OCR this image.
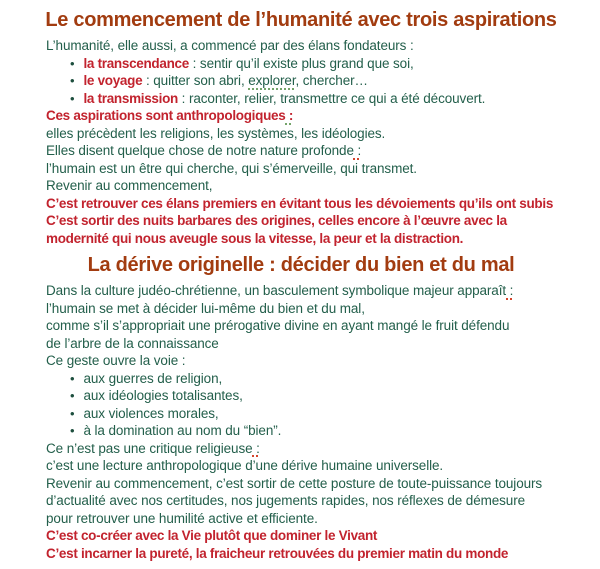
Le commencement de l’humanité avec trois aspirations

L’humanité, elle aussi, a commencé par des élans fondateurs :

• la transcendance : sentir qu’il existe plus grand que soi,

• le voyage : quitter son abri, explorer, chercher…

• la transmission : raconter, relier, transmettre ce qui a été découvert.

Ces aspirations sont anthropologiques :

elles précèdent les religions, les systèmes, les idéologies.

Elles disent quelque chose de notre nature profonde :

l’humain est un être qui cherche, qui s’émerveille, qui transmet.

Revenir au commencement,

C’est retrouver ces élans premiers en évitant tous les dévoiements qu’ils ont subis

C’est sortir des nuits barbares des origines, celles encore à l’œuvre avec la

modernité qui nous aveugle sous la vitesse, la peur et la distraction.

La dérive originelle : décider du bien et du mal

Dans la culture judéo-chrétienne, un basculement symbolique majeur apparaît :

l’humain se met à décider lui-même du bien et du mal,

comme s’il s’appropriait une prérogative divine en ayant mangé le fruit défendu

de l’arbre de la connaissance

Ce geste ouvre la voie :

• aux guerres de religion,

• aux idéologies totalisantes,

• aux violences morales,

• à la domination au nom du “bien”.

Ce n’est pas une critique religieuse :

c’est une lecture anthropologique d’une dérive humaine universelle.

Revenir au commencement, c’est sortir de cette posture de toute-puissance toujours

d’actualité avec nos certitudes, nos jugements rapides, nos réflexes de démesure

pour retrouver une humilité active et efficiente.

C’est co-créer avec la Vie plutôt que dominer le Vivant

C’est incarner la pureté, la fraicheur retrouvées du premier matin du monde
